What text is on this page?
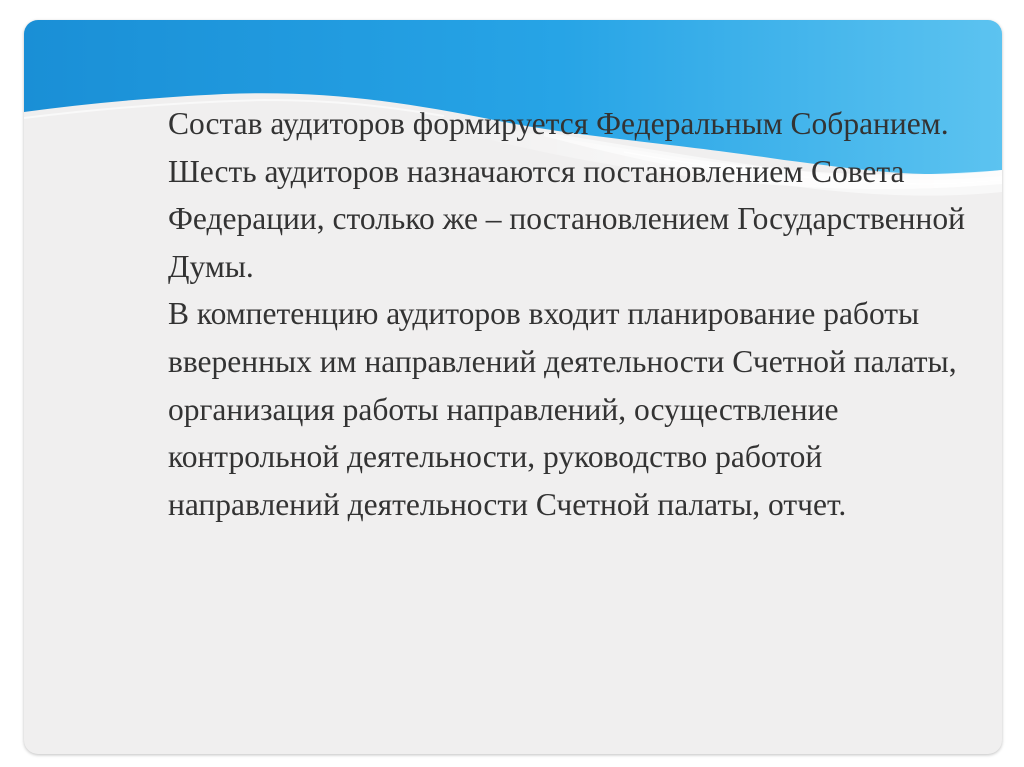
Состав аудиторов формируется Федеральным Собранием.

Шесть аудиторов назначаются постановлением Совета Федерации, столько же – постановлением Государственной Думы.

В компетенцию аудиторов входит планирование работы вверенных им направлений деятельности Счетной палаты, организация работы направлений, осуществление контрольной деятельности, руководство работой направлений деятельности Счетной палаты, отчет.
